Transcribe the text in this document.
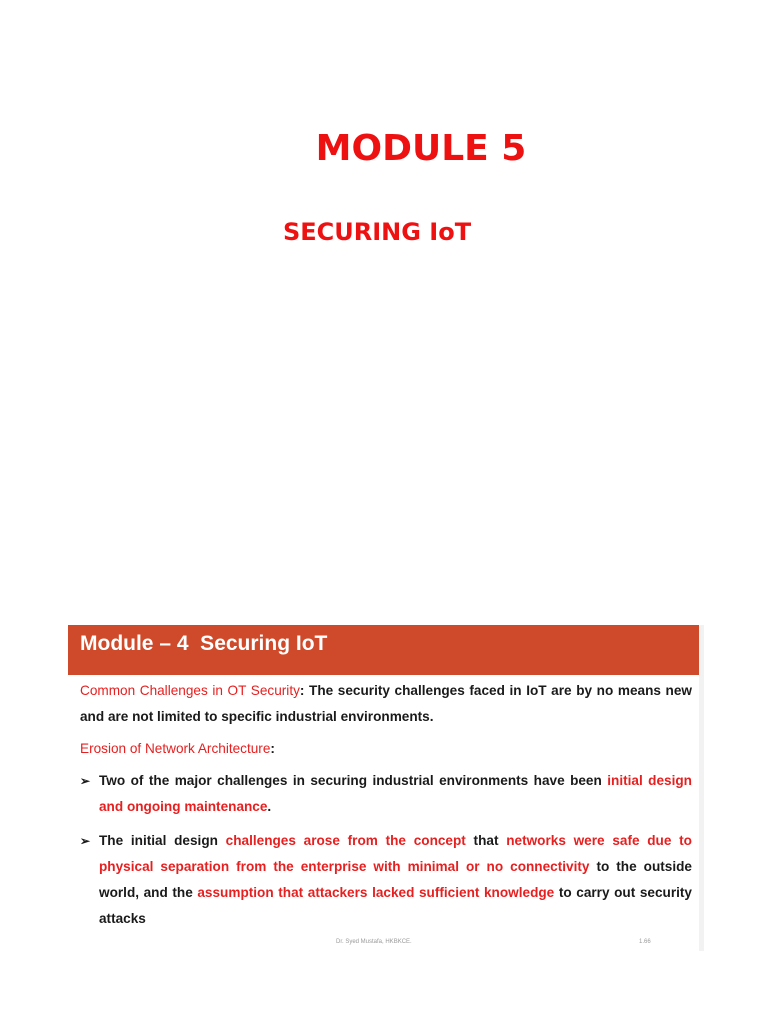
MODULE 5
SECURING IoT
Module – 4  Securing IoT

Common Challenges in OT Security: The security challenges faced in IoT are by no means new and are not limited to specific industrial environments.

Erosion of Network Architecture:

➢ Two of the major challenges in securing industrial environments have been initial design and ongoing maintenance.
➢ The initial design challenges arose from the concept that networks were safe due to physical separation from the enterprise with minimal or no connectivity to the outside world, and the assumption that attackers lacked sufficient knowledge to carry out security attacks
Dr. Syed Mustafa, HKBKCE.	1.66
